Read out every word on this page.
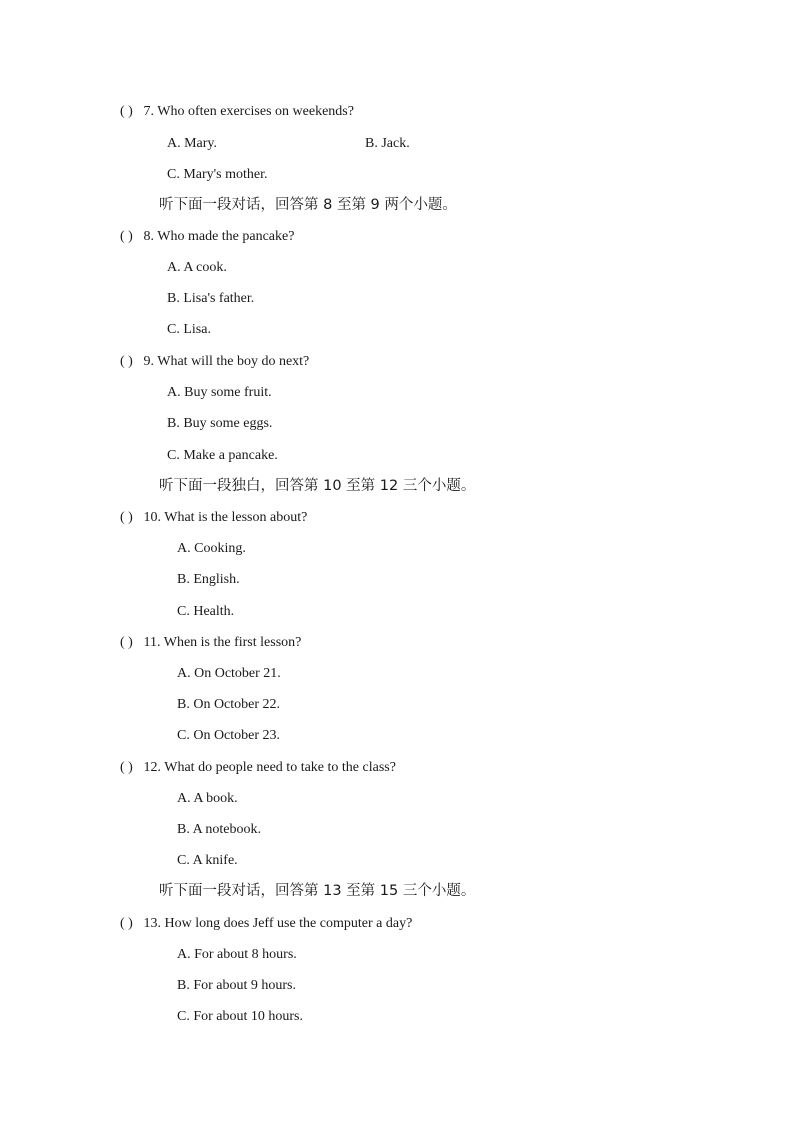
( ) 7. Who often exercises on weekends?
A. Mary.	B. Jack.
C. Mary's mother.
听下面一段对话，回答第 8 至第 9 两个小题。
( ) 8. Who made the pancake?
A. A cook.
B. Lisa's father.
C. Lisa.
( ) 9. What will the boy do next?
A. Buy some fruit.
B. Buy some eggs.
C. Make a pancake.
听下面一段独白，回答第 10 至第 12 三个小题。
( ) 10. What is the lesson about?
A. Cooking.
B. English.
C. Health.
( ) 11. When is the first lesson?
A. On October 21.
B. On October 22.
C. On October 23.
( ) 12. What do people need to take to the class?
A. A book.
B. A notebook.
C. A knife.
听下面一段对话，回答第 13 至第 15 三个小题。
( ) 13. How long does Jeff use the computer a day?
A. For about 8 hours.
B. For about 9 hours.
C. For about 10 hours.
